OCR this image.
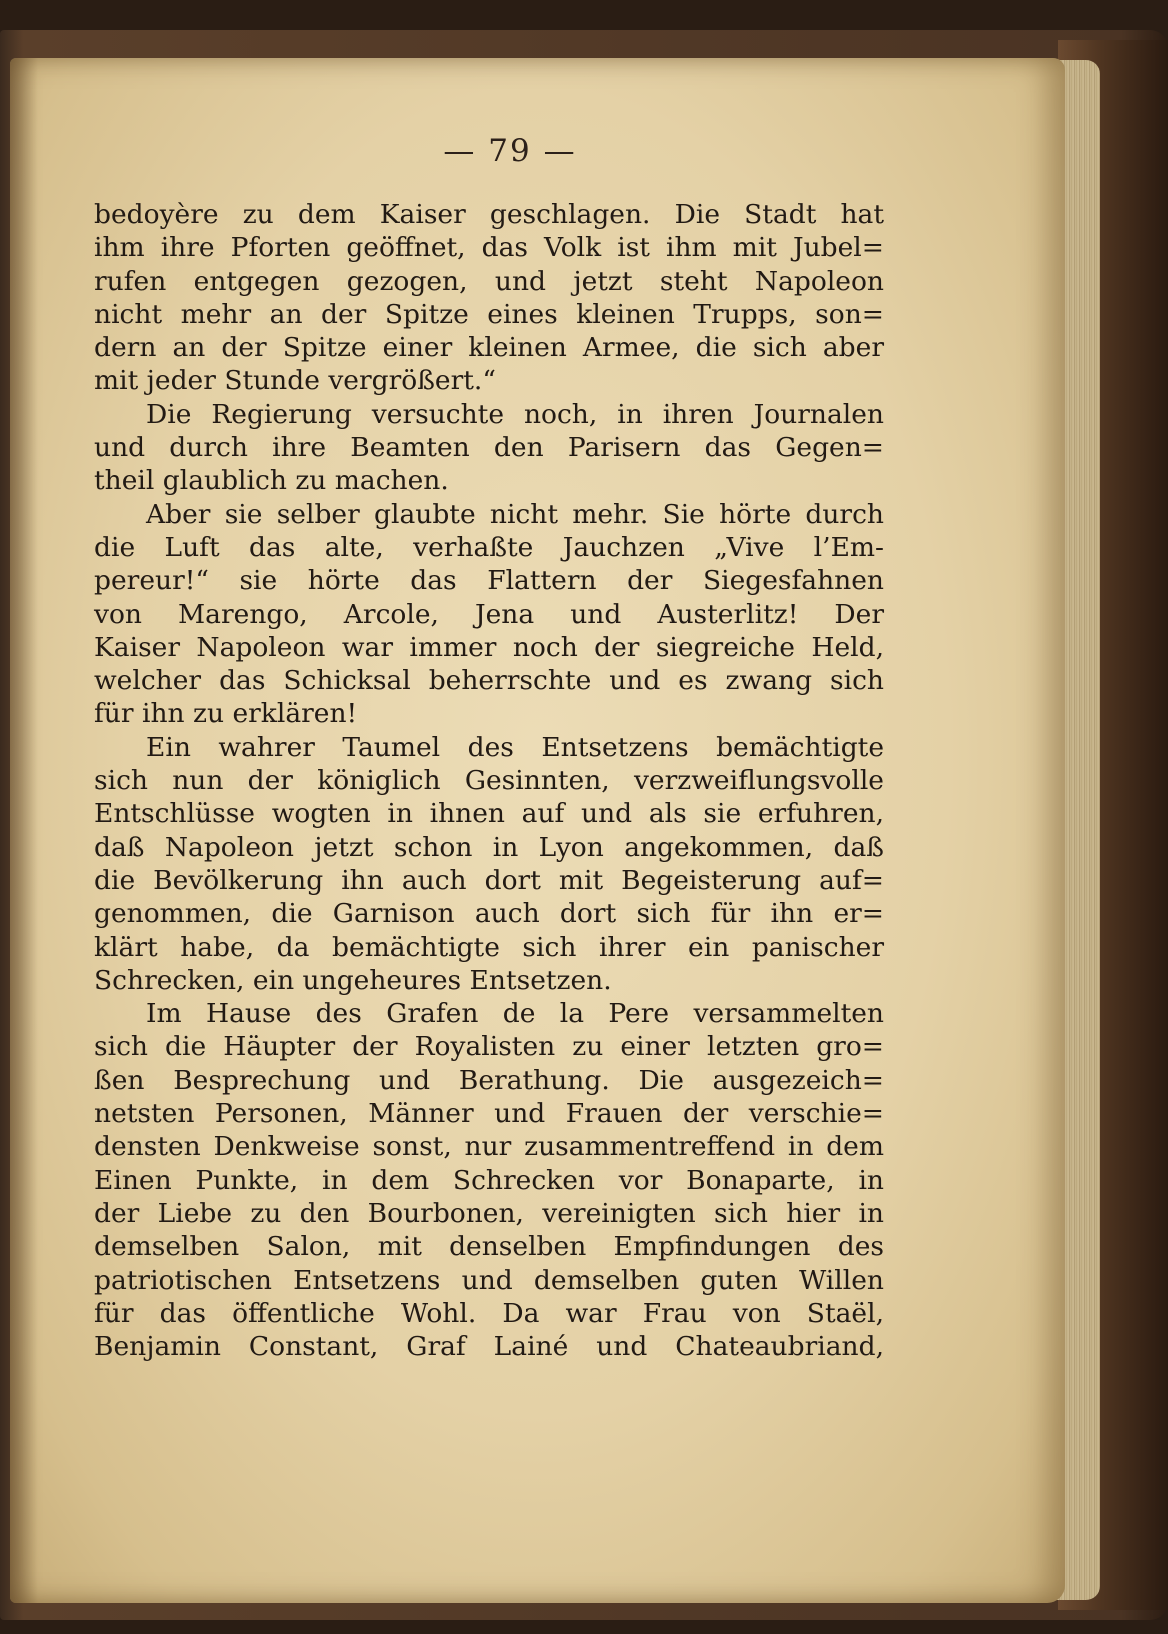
— 79 —
bedoyère zu dem Kaiser geschlagen. Die Stadt hat
ihm ihre Pforten geöffnet, das Volk ist ihm mit Jubel=
rufen entgegen gezogen, und jetzt steht Napoleon
nicht mehr an der Spitze eines kleinen Trupps, son=
dern an der Spitze einer kleinen Armee, die sich aber
mit jeder Stunde vergrößert.“
Die Regierung versuchte noch, in ihren Journalen
und durch ihre Beamten den Parisern das Gegen=
theil glaublich zu machen.
Aber sie selber glaubte nicht mehr. Sie hörte durch
die Luft das alte, verhaßte Jauchzen „Vive l’Em-
pereur!“ sie hörte das Flattern der Siegesfahnen
von Marengo, Arcole, Jena und Austerlitz! Der
Kaiser Napoleon war immer noch der siegreiche Held,
welcher das Schicksal beherrschte und es zwang sich
für ihn zu erklären!
Ein wahrer Taumel des Entsetzens bemächtigte
sich nun der königlich Gesinnten, verzweiflungsvolle
Entschlüsse wogten in ihnen auf und als sie erfuhren,
daß Napoleon jetzt schon in Lyon angekommen, daß
die Bevölkerung ihn auch dort mit Begeisterung auf=
genommen, die Garnison auch dort sich für ihn er=
klärt habe, da bemächtigte sich ihrer ein panischer
Schrecken, ein ungeheures Entsetzen.
Im Hause des Grafen de la Pere versammelten
sich die Häupter der Royalisten zu einer letzten gro=
ßen Besprechung und Berathung. Die ausgezeich=
netsten Personen, Männer und Frauen der verschie=
densten Denkweise sonst, nur zusammentreffend in dem
Einen Punkte, in dem Schrecken vor Bonaparte, in
der Liebe zu den Bourbonen, vereinigten sich hier in
demselben Salon, mit denselben Empfindungen des
patriotischen Entsetzens und demselben guten Willen
für das öffentliche Wohl. Da war Frau von Staël,
Benjamin Constant, Graf Lainé und Chateaubriand,
